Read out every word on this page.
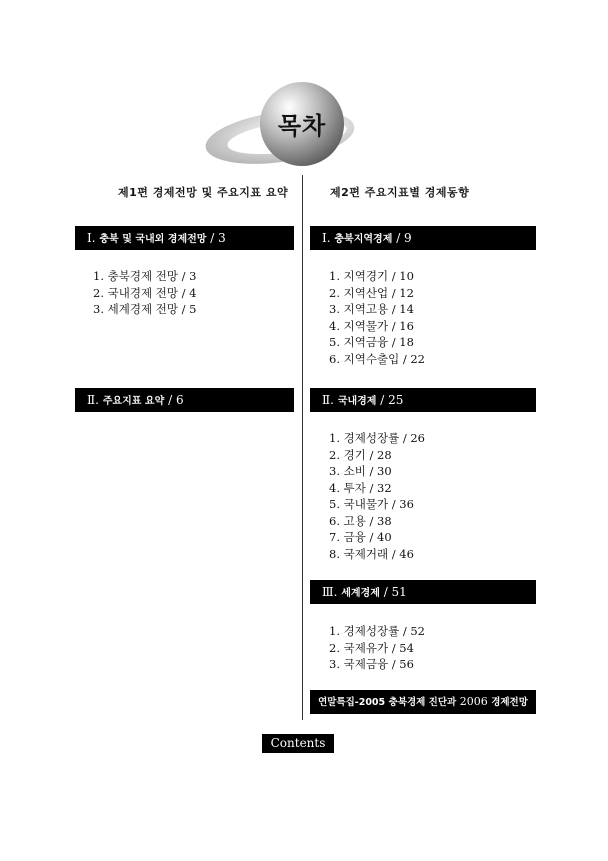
목차
제1편 경제전망 및 주요지표 요약	제2편 주요지표별 경제동향
Ⅰ. 충북 및 국내외 경제전망 / 3
1. 충북경제 전망 / 3
2. 국내경제 전망 / 4
3. 세계경제 전망 / 5
Ⅱ. 주요지표 요약 / 6
Ⅰ. 충북지역경제 / 9
1. 지역경기 / 10
2. 지역산업 / 12
3. 지역고용 / 14
4. 지역물가 / 16
5. 지역금융 / 18
6. 지역수출입 / 22
Ⅱ. 국내경제 / 25
1. 경제성장률 / 26
2. 경기 / 28
3. 소비 / 30
4. 투자 / 32
5. 국내물가 / 36
6. 고용 / 38
7. 금융 / 40
8. 국제거래 / 46
Ⅲ. 세계경제 / 51
1. 경제성장률 / 52
2. 국제유가 / 54
3. 국제금융 / 56
연말특집-2005 충북경제 진단과 2006 경제전망
Contents
